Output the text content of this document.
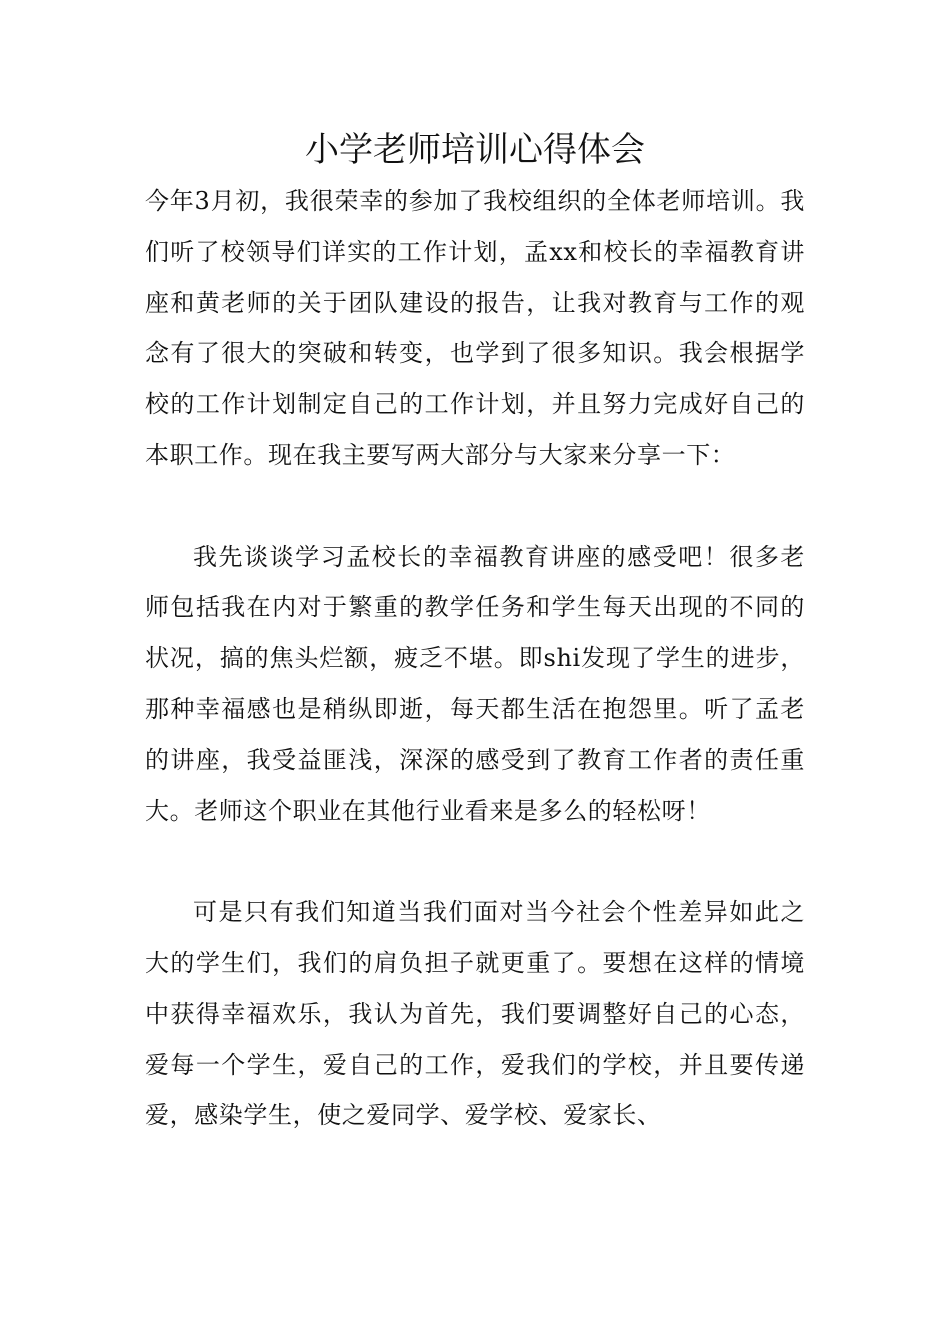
小学老师培训心得体会

今年3月初，我很荣幸的参加了我校组织的全体老师培训。我们听了校领导们详实的工作计划，孟xx和校长的幸福教育讲座和黄老师的关于团队建设的报告，让我对教育与工作的观念有了很大的突破和转变，也学到了很多知识。我会根据学校的工作计划制定自己的工作计划，并且努力完成好自己的本职工作。现在我主要写两大部分与大家来分享一下：

我先谈谈学习孟校长的幸福教育讲座的感受吧！很多老师包括我在内对于繁重的教学任务和学生每天出现的不同的状况，搞的焦头烂额，疲乏不堪。即shi发现了学生的进步，那种幸福感也是稍纵即逝，每天都生活在抱怨里。听了孟老的讲座，我受益匪浅，深深的感受到了教育工作者的责任重大。老师这个职业在其他行业看来是多么的轻松呀！

可是只有我们知道当我们面对当今社会个性差异如此之大的学生们，我们的肩负担子就更重了。要想在这样的情境中获得幸福欢乐，我认为首先，我们要调整好自己的心态，爱每一个学生，爱自己的工作，爱我们的学校，并且要传递爱，感染学生，使之爱同学、爱学校、爱家长、
